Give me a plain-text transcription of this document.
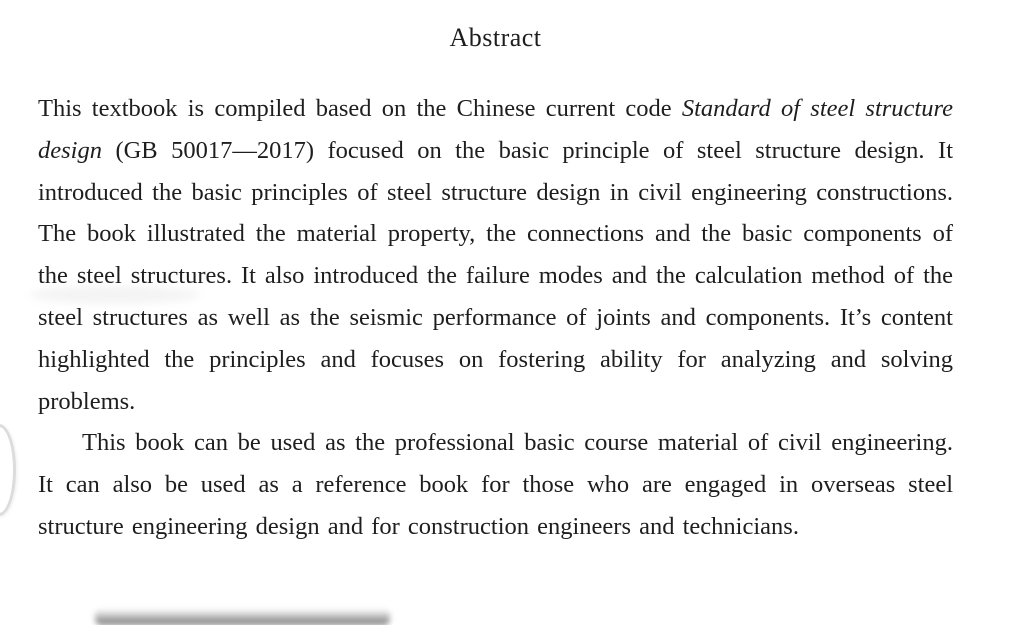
Abstract

This textbook is compiled based on the Chinese current code Standard of steel structure design (GB 50017—2017) focused on the basic principle of steel structure design. It introduced the basic principles of steel structure design in civil engineering constructions. The book illustrated the material property, the connections and the basic components of the steel structures. It also introduced the failure modes and the calculation method of the steel structures as well as the seismic performance of joints and components. It’s content highlighted the principles and focuses on fostering ability for analyzing and solving problems.

This book can be used as the professional basic course material of civil engineering. It can also be used as a reference book for those who are engaged in overseas steel structure engineering design and for construction engineers and technicians.
